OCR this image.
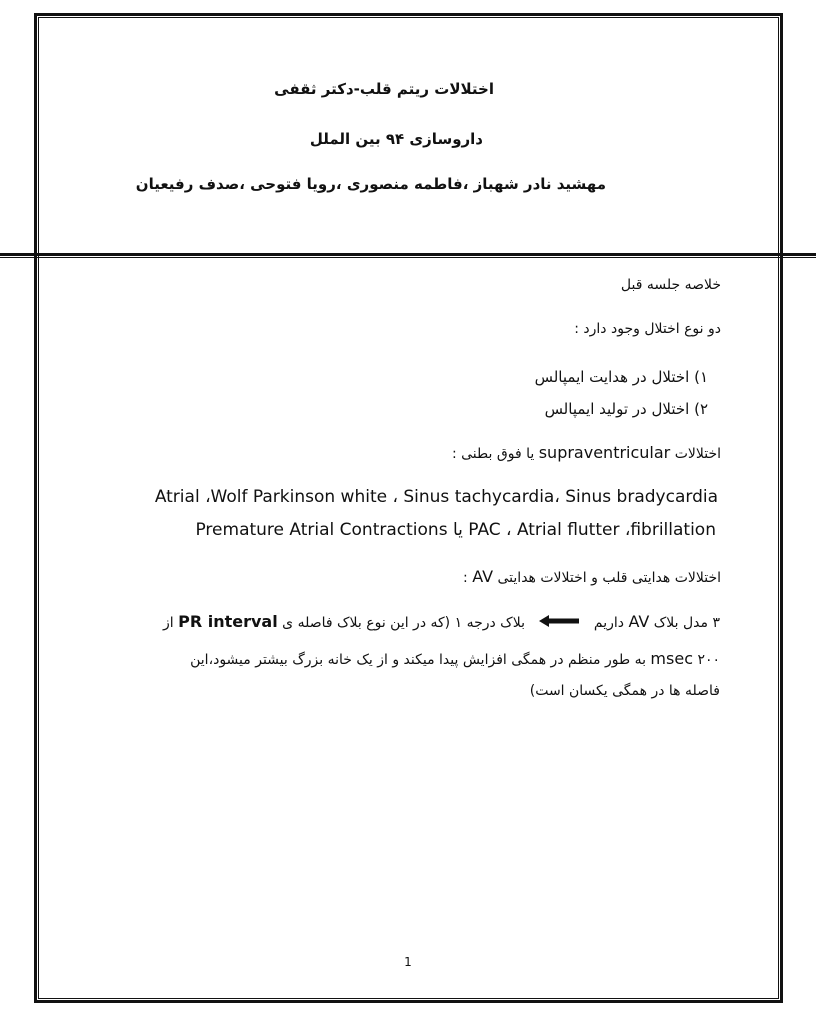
اختلالات ریتم قلب-دکتر ثقفی
داروسازی ۹۴ بین الملل
مهشید نادر شهباز ،فاطمه منصوری ،رویا فتوحی ،صدف رفیعیان
خلاصه جلسه قبل
دو نوع اختلال وجود دارد :
۱) اختلال در هدایت ایمپالس
۲) اختلال در تولید ایمپالس
اختلالات supraventricular یا فوق بطنی :
Atrial ،Wolf Parkinson white ، Sinus tachycardia، Sinus bradycardia
Premature Atrial Contractions یا PAC ، Atrial flutter ،fibrillation
اختلالات هدایتی قلب و اختلالات هدایتی AV :
۳ مدل بلاک AV داریم  بلاک درجه ۱ (که در این نوع بلاک فاصله ی PR interval از
۲۰۰ msec به طور منظم در همگی افزایش پیدا میکند و از یک خانه بزرگ بیشتر میشود،این
فاصله ها در همگی یکسان است)
1
